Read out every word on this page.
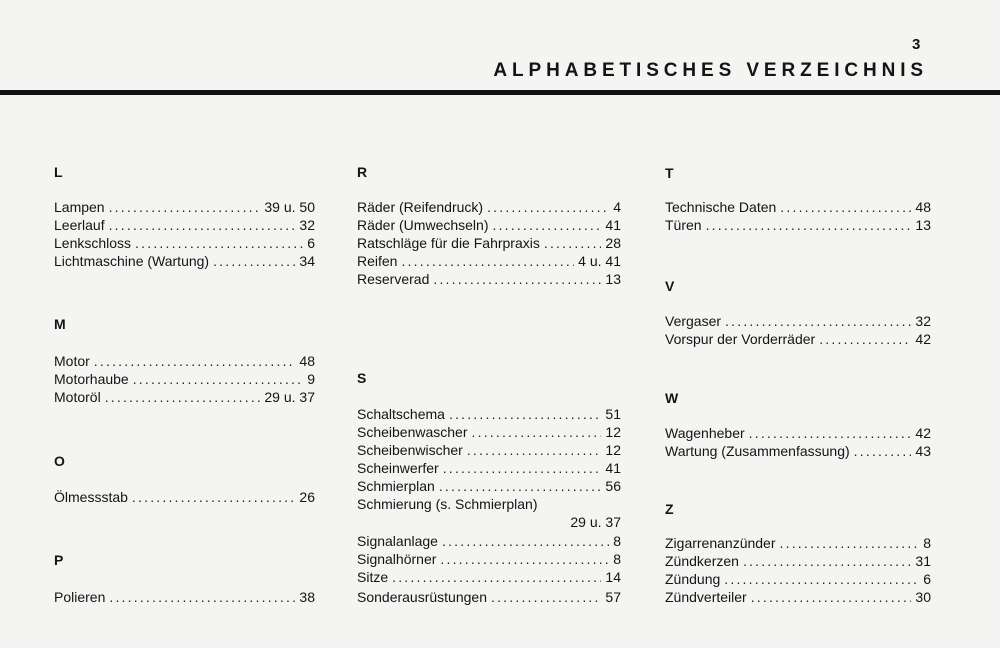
3
ALPHABETISCHES VERZEICHNIS
L
Lampen .....	39 u. 50
Leerlauf .....	32
Lenkschloss .....	6
Lichtmaschine (Wartung) .....	34
M
Motor .....	48
Motorhaube .....	9
Motoröl .....	29 u. 37
O
Ölmessstab .....	26
P
Polieren .....	38
R
Räder (Reifendruck) .....	4
Räder (Umwechseln) .....	41
Ratschläge für die Fahrpraxis .....	28
Reifen .....	4 u. 41
Reserverad .....	13
S
Schaltschema .....	51
Scheibenwascher .....	12
Scheibenwischer .....	12
Scheinwerfer .....	41
Schmierplan .....	56
Schmierung (s. Schmierplan)
29 u. 37
Signalanlage .....	8
Signalhörner .....	8
Sitze .....	14
Sonderausrüstungen .....	57
T
Technische Daten .....	48
Türen .....	13
V
Vergaser .....	32
Vorspur der Vorderräder .....	42
W
Wagenheber .....	42
Wartung (Zusammenfassung) .....	43
Z
Zigarrenanzünder .....	8
Zündkerzen .....	31
Zündung .....	6
Zündverteiler .....	30
